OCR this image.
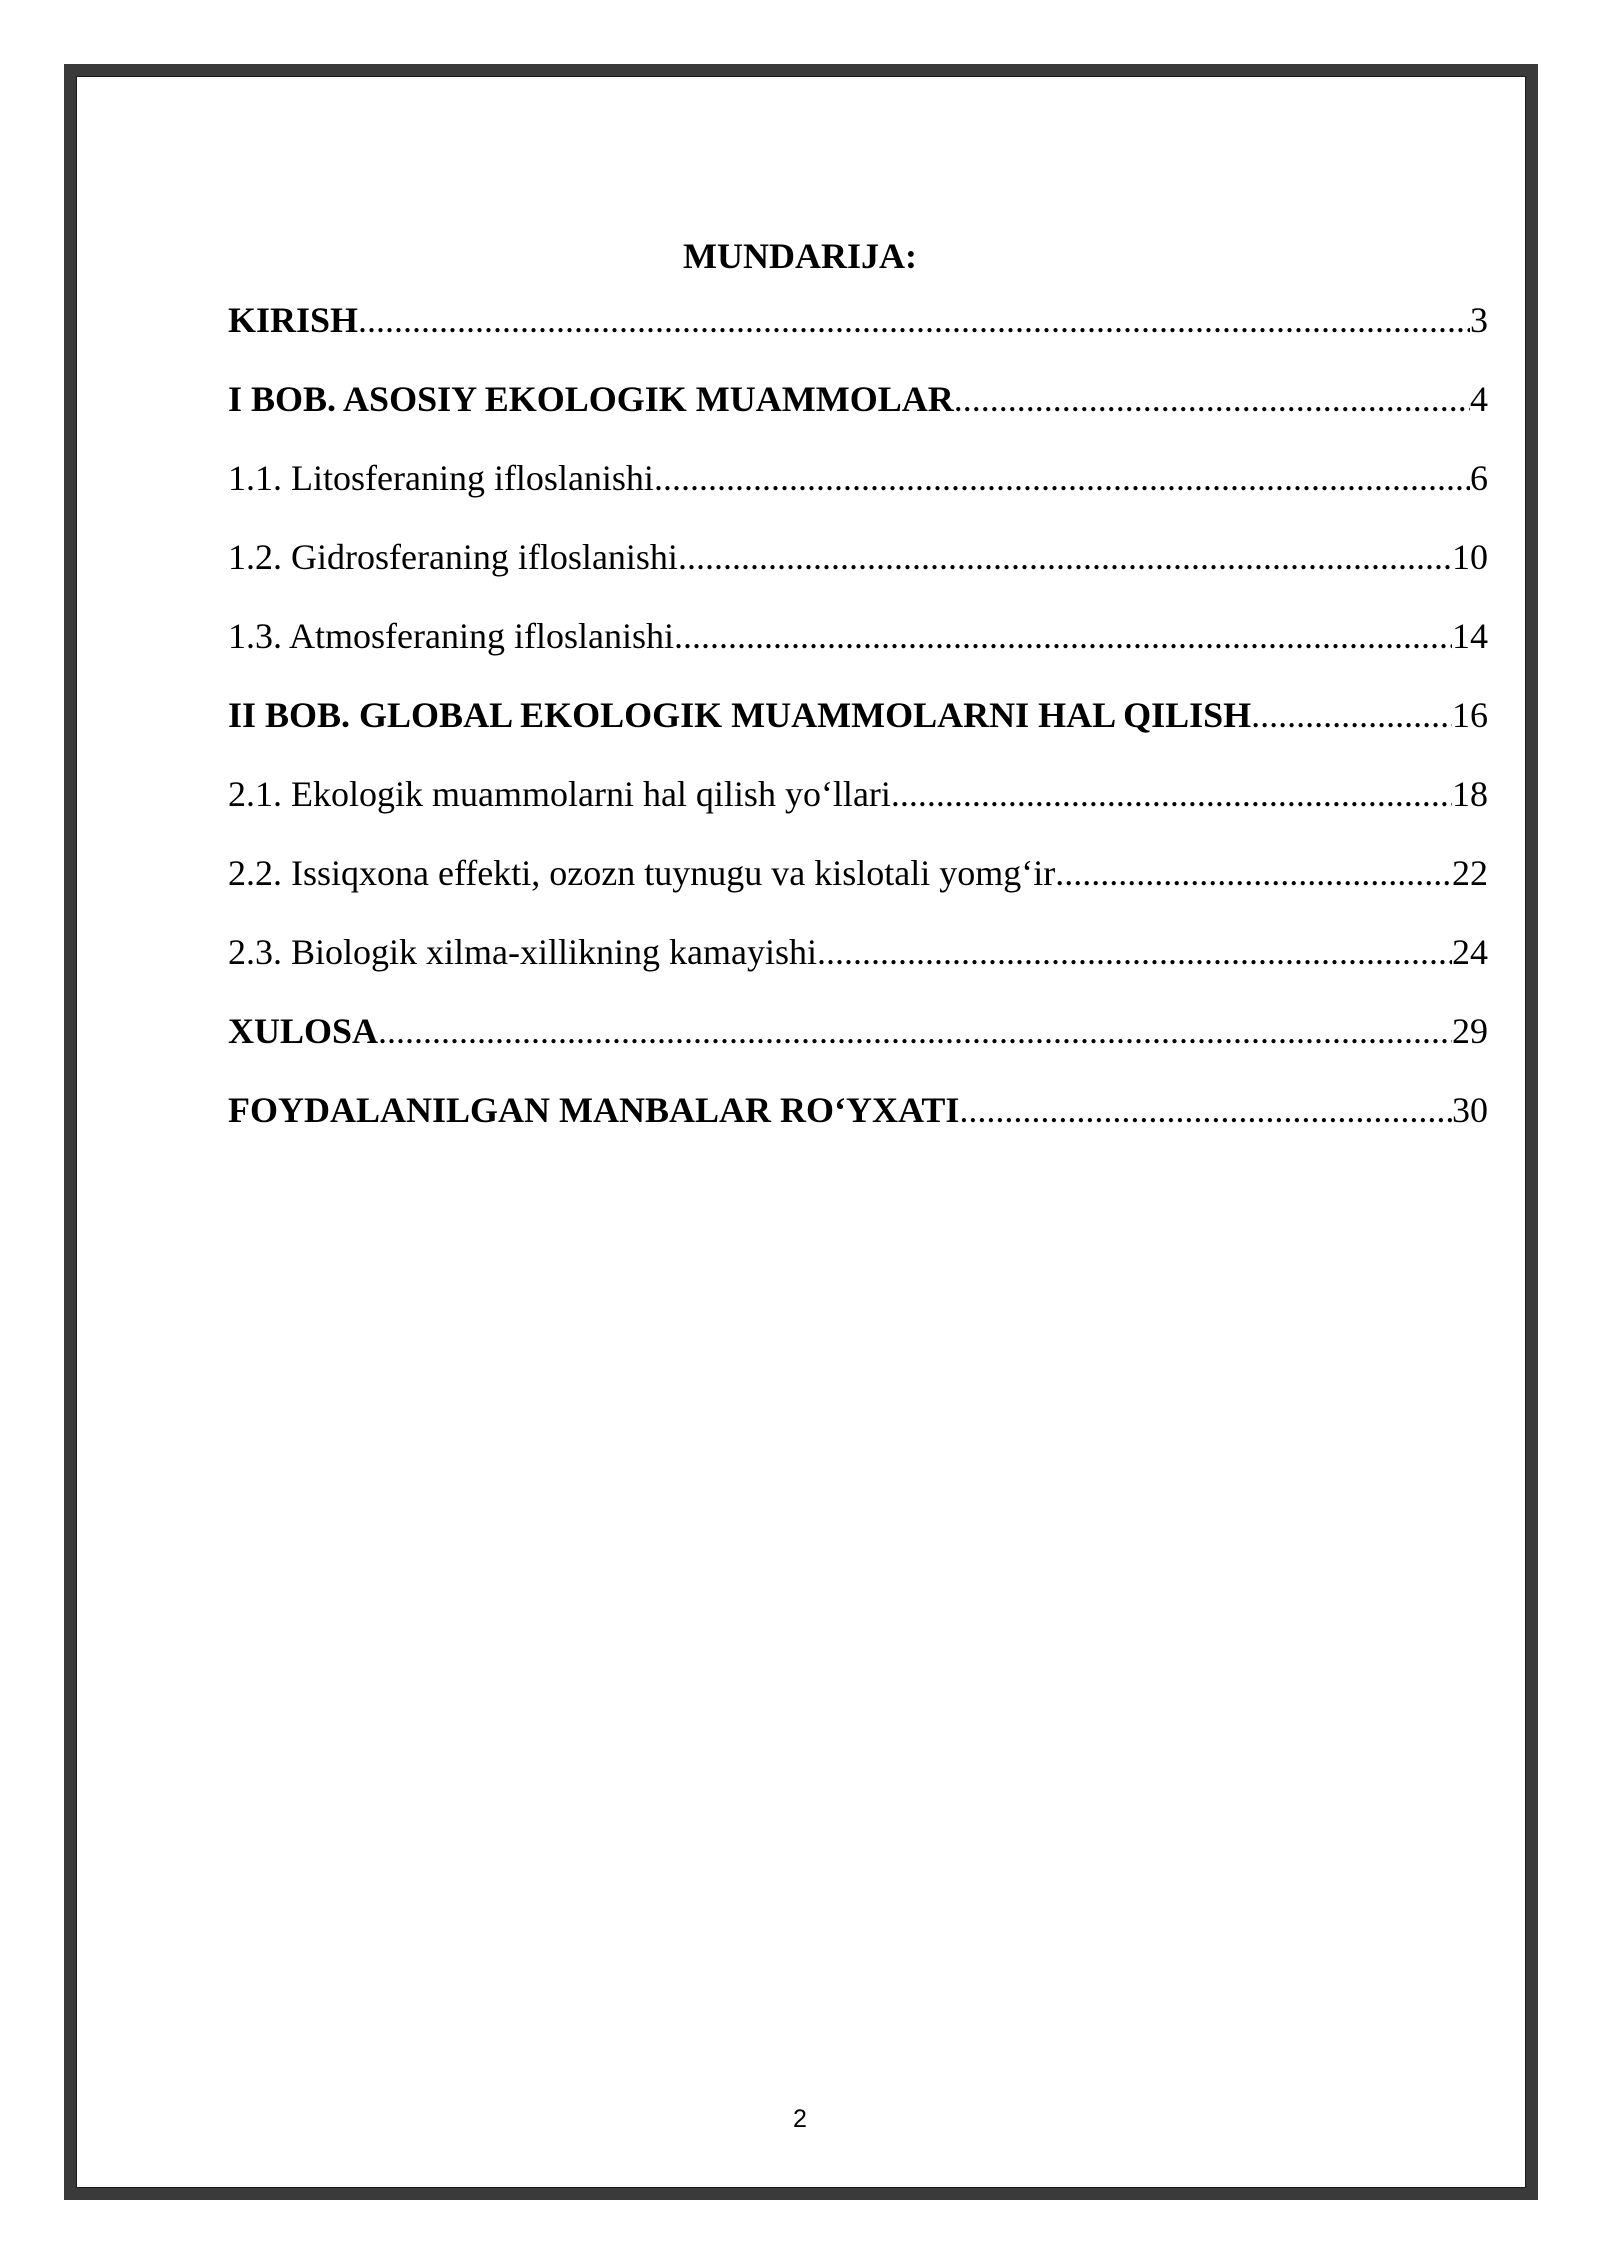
MUNDARIJA:
KIRISH .....	3
I BOB. ASOSIY EKOLOGIK MUAMMOLAR .....	4
1.1. Litosferaning ifloslanishi .....	6
1.2. Gidrosferaning ifloslanishi .....	10
1.3. Atmosferaning ifloslanishi .....	14
II BOB. GLOBAL EKOLOGIK MUAMMOLARNI HAL QILISH .....	16
2.1. Ekologik muammolarni hal qilish yo‘llari .....	18
2.2. Issiqxona effekti, ozozn tuynugu va kislotali yomg‘ir .....	22
2.3. Biologik xilma-xillikning kamayishi .....	24
XULOSA .....	29
FOYDALANILGAN MANBALAR RO‘YXATI .....	30
2
